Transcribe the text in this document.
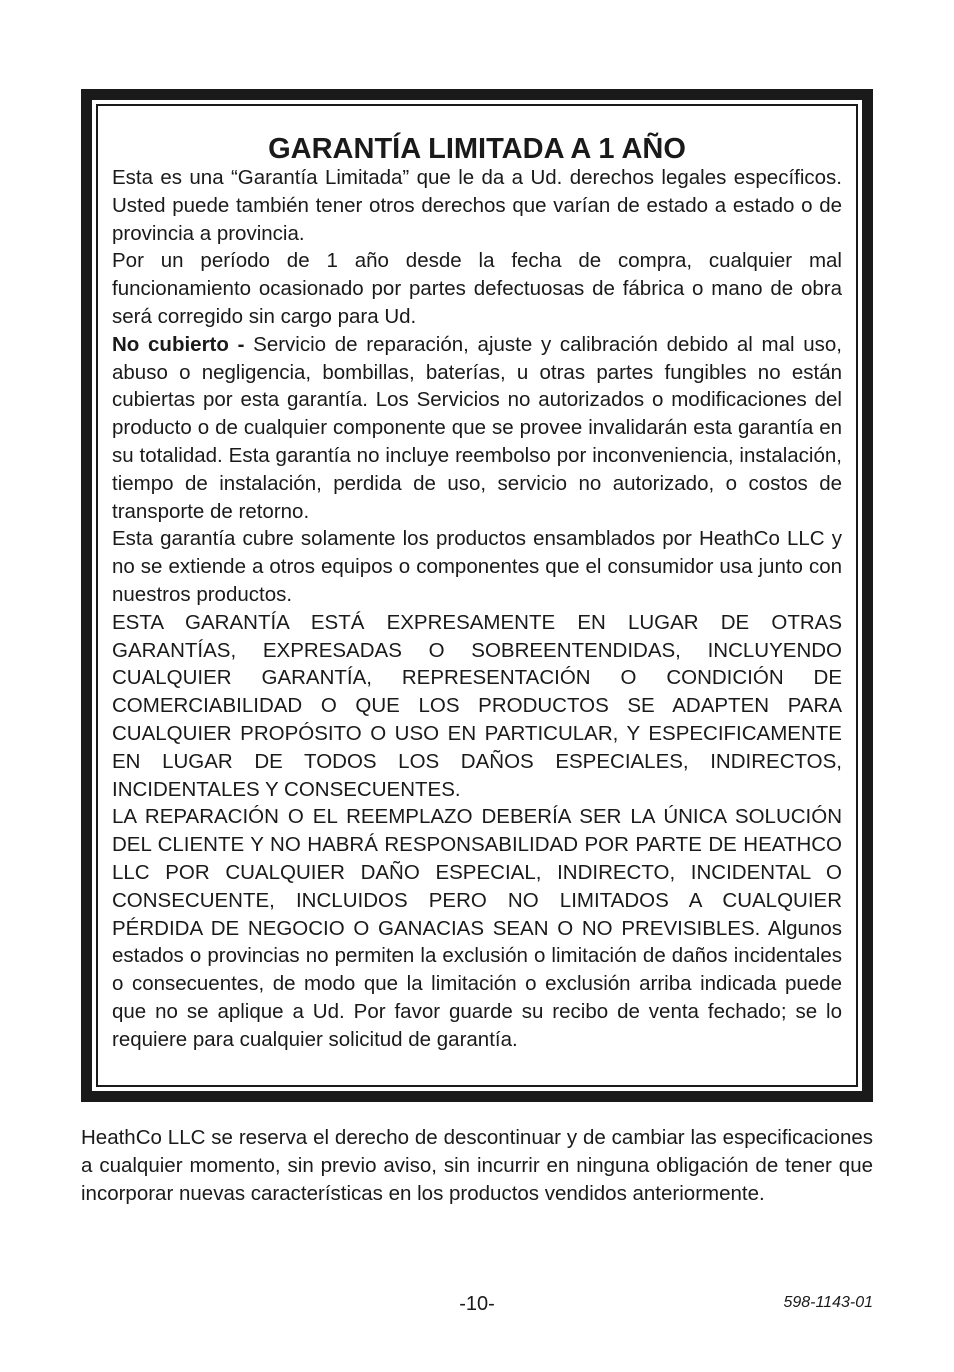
GARANTÍA LIMITADA A 1 AÑO

Esta es una “Garantía Limitada” que le da a Ud. derechos legales específicos. Usted puede también tener otros derechos que varían de estado a estado o de provincia a provincia.

Por un período de 1 año desde la fecha de compra, cualquier mal funcionamiento ocasionado por partes defectuosas de fábrica o mano de obra será corregido sin cargo para Ud.

No cubierto - Servicio de reparación, ajuste y calibración debido al mal uso, abuso o negligencia, bombillas, baterías, u otras partes fungibles no están cubiertas por esta garantía. Los Servicios no autorizados o modificaciones del producto o de cualquier componente que se provee invalidarán esta garantía en su totalidad. Esta garantía no incluye reembolso por inconveniencia, instalación, tiempo de instalación, perdida de uso, servicio no autorizado, o costos de transporte de retorno.

Esta garantía cubre solamente los productos ensamblados por HeathCo LLC y no se extiende a otros equipos o componentes que el consumidor usa junto con nuestros productos.

ESTA GARANTÍA ESTÁ EXPRESAMENTE EN LUGAR DE OTRAS GARANTÍAS, EXPRESADAS O SOBREENTENDIDAS, INCLUYENDO CUALQUIER GARANTÍA, REPRESENTACIÓN O CONDICIÓN DE COMERCIABILIDAD O QUE LOS PRODUCTOS SE ADAPTEN PARA CUALQUIER PROPÓSITO O USO EN PARTICULAR, Y ESPECIFICAMENTE EN LUGAR DE TODOS LOS DAÑOS ESPECIALES, INDIRECTOS, INCIDENTALES Y CONSECUENTES.

LA REPARACIÓN O EL REEMPLAZO DEBERÍA SER LA ÚNICA SOLUCIÓN DEL CLIENTE Y NO HABRÁ RESPONSABILIDAD POR PARTE DE HEATHCO LLC POR CUALQUIER DAÑO ESPECIAL, INDIRECTO, INCIDENTAL O CONSECUENTE, INCLUIDOS PERO NO LIMITADOS A CUALQUIER PÉRDIDA DE NEGOCIO O GANACIAS SEAN O NO PREVISIBLES. Algunos estados o provincias no permiten la exclusión o limitación de daños incidentales o consecuentes, de modo que la limitación o exclusión arriba indicada puede que no se aplique a Ud. Por favor guarde su recibo de venta fechado; se lo requiere para cualquier solicitud de garantía.

HeathCo LLC se reserva el derecho de descontinuar y de cambiar las especificaciones a cualquier momento, sin previo aviso, sin incurrir en ninguna obligación de tener que incorporar nuevas características en los productos vendidos anteriormente.

-10-	598-1143-01
